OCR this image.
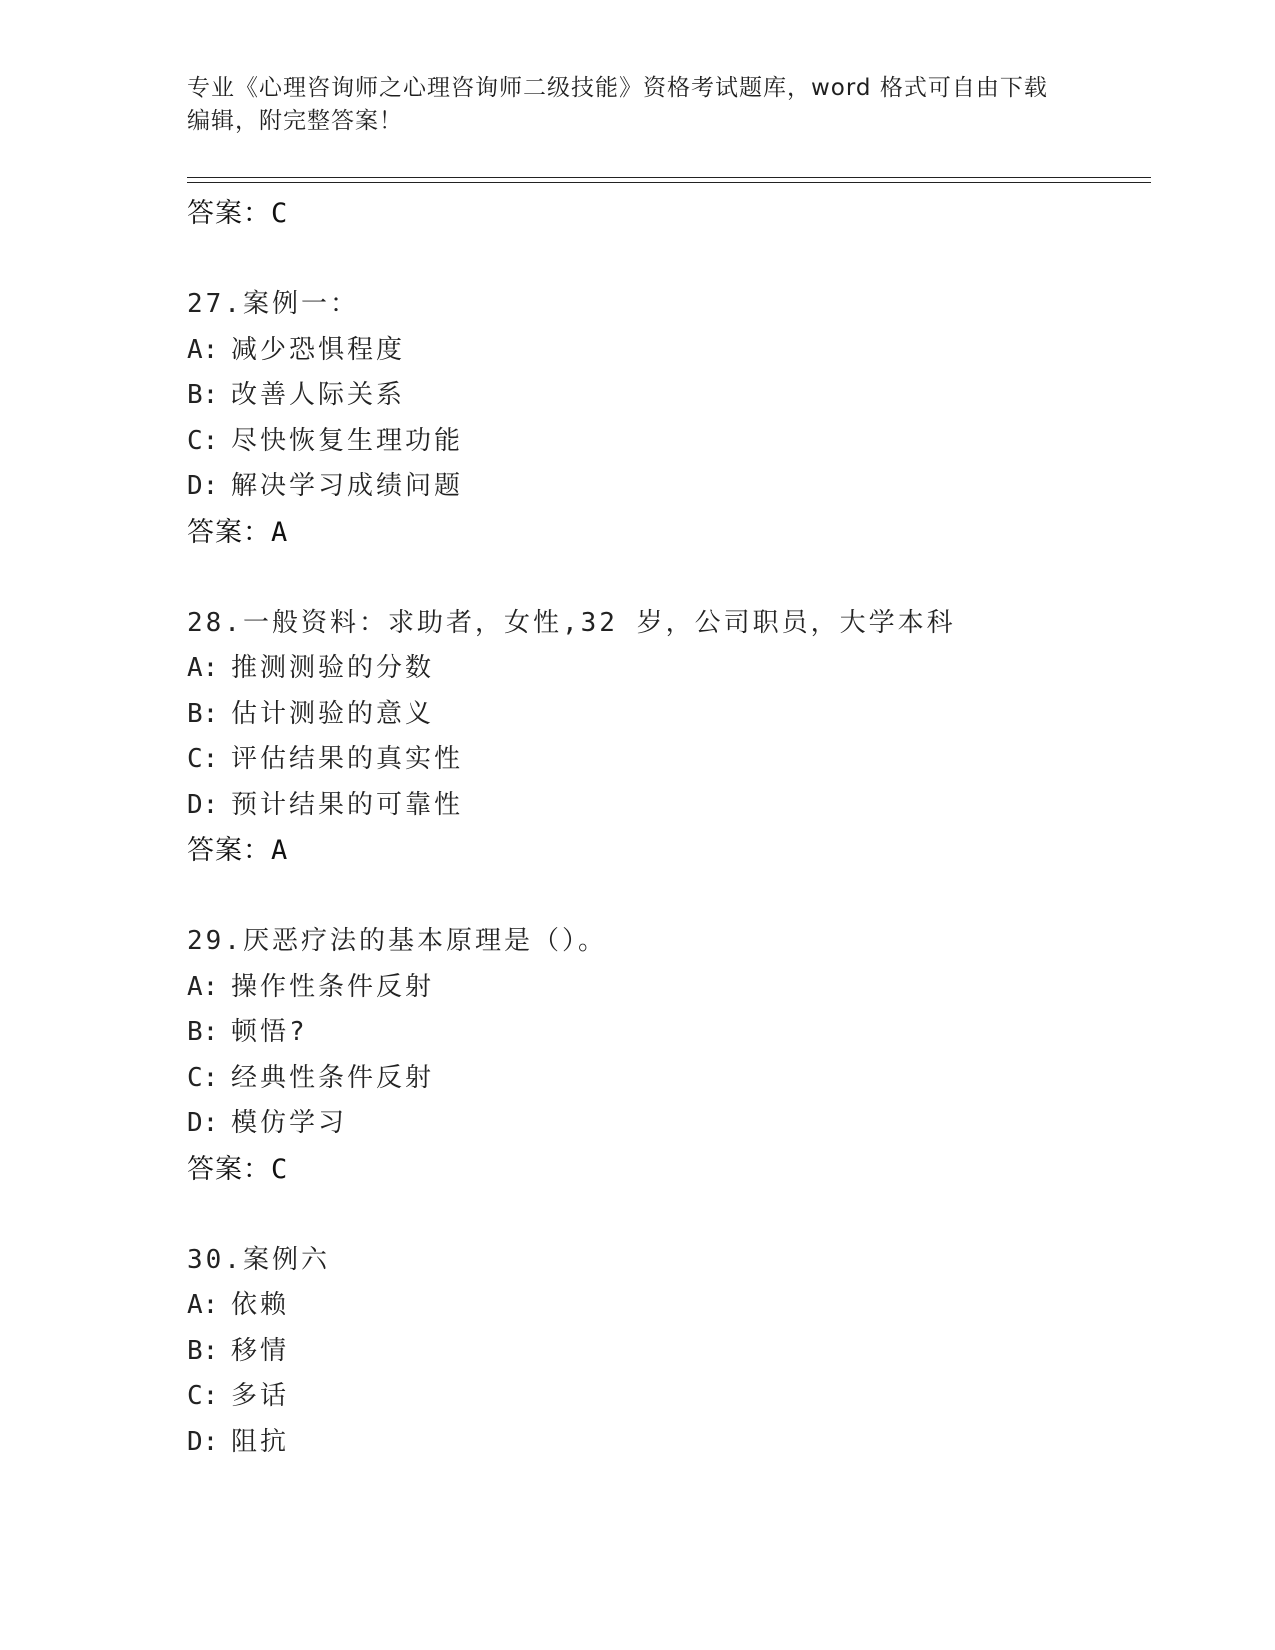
专业《心理咨询师之心理咨询师二级技能》资格考试题库，word 格式可自由下载
编辑，附完整答案！
答案：C
27.案例一：
A: 减少恐惧程度
B: 改善人际关系
C: 尽快恢复生理功能
D: 解决学习成绩问题
答案：A
28.一般资料：求助者，女性,32 岁，公司职员，大学本科
A: 推测测验的分数
B: 估计测验的意义
C: 评估结果的真实性
D: 预计结果的可靠性
答案：A
29.厌恶疗法的基本原理是（）。
A: 操作性条件反射
B: 顿悟?
C: 经典性条件反射
D: 模仿学习
答案：C
30.案例六
A: 依赖
B: 移情
C: 多话
D: 阻抗
